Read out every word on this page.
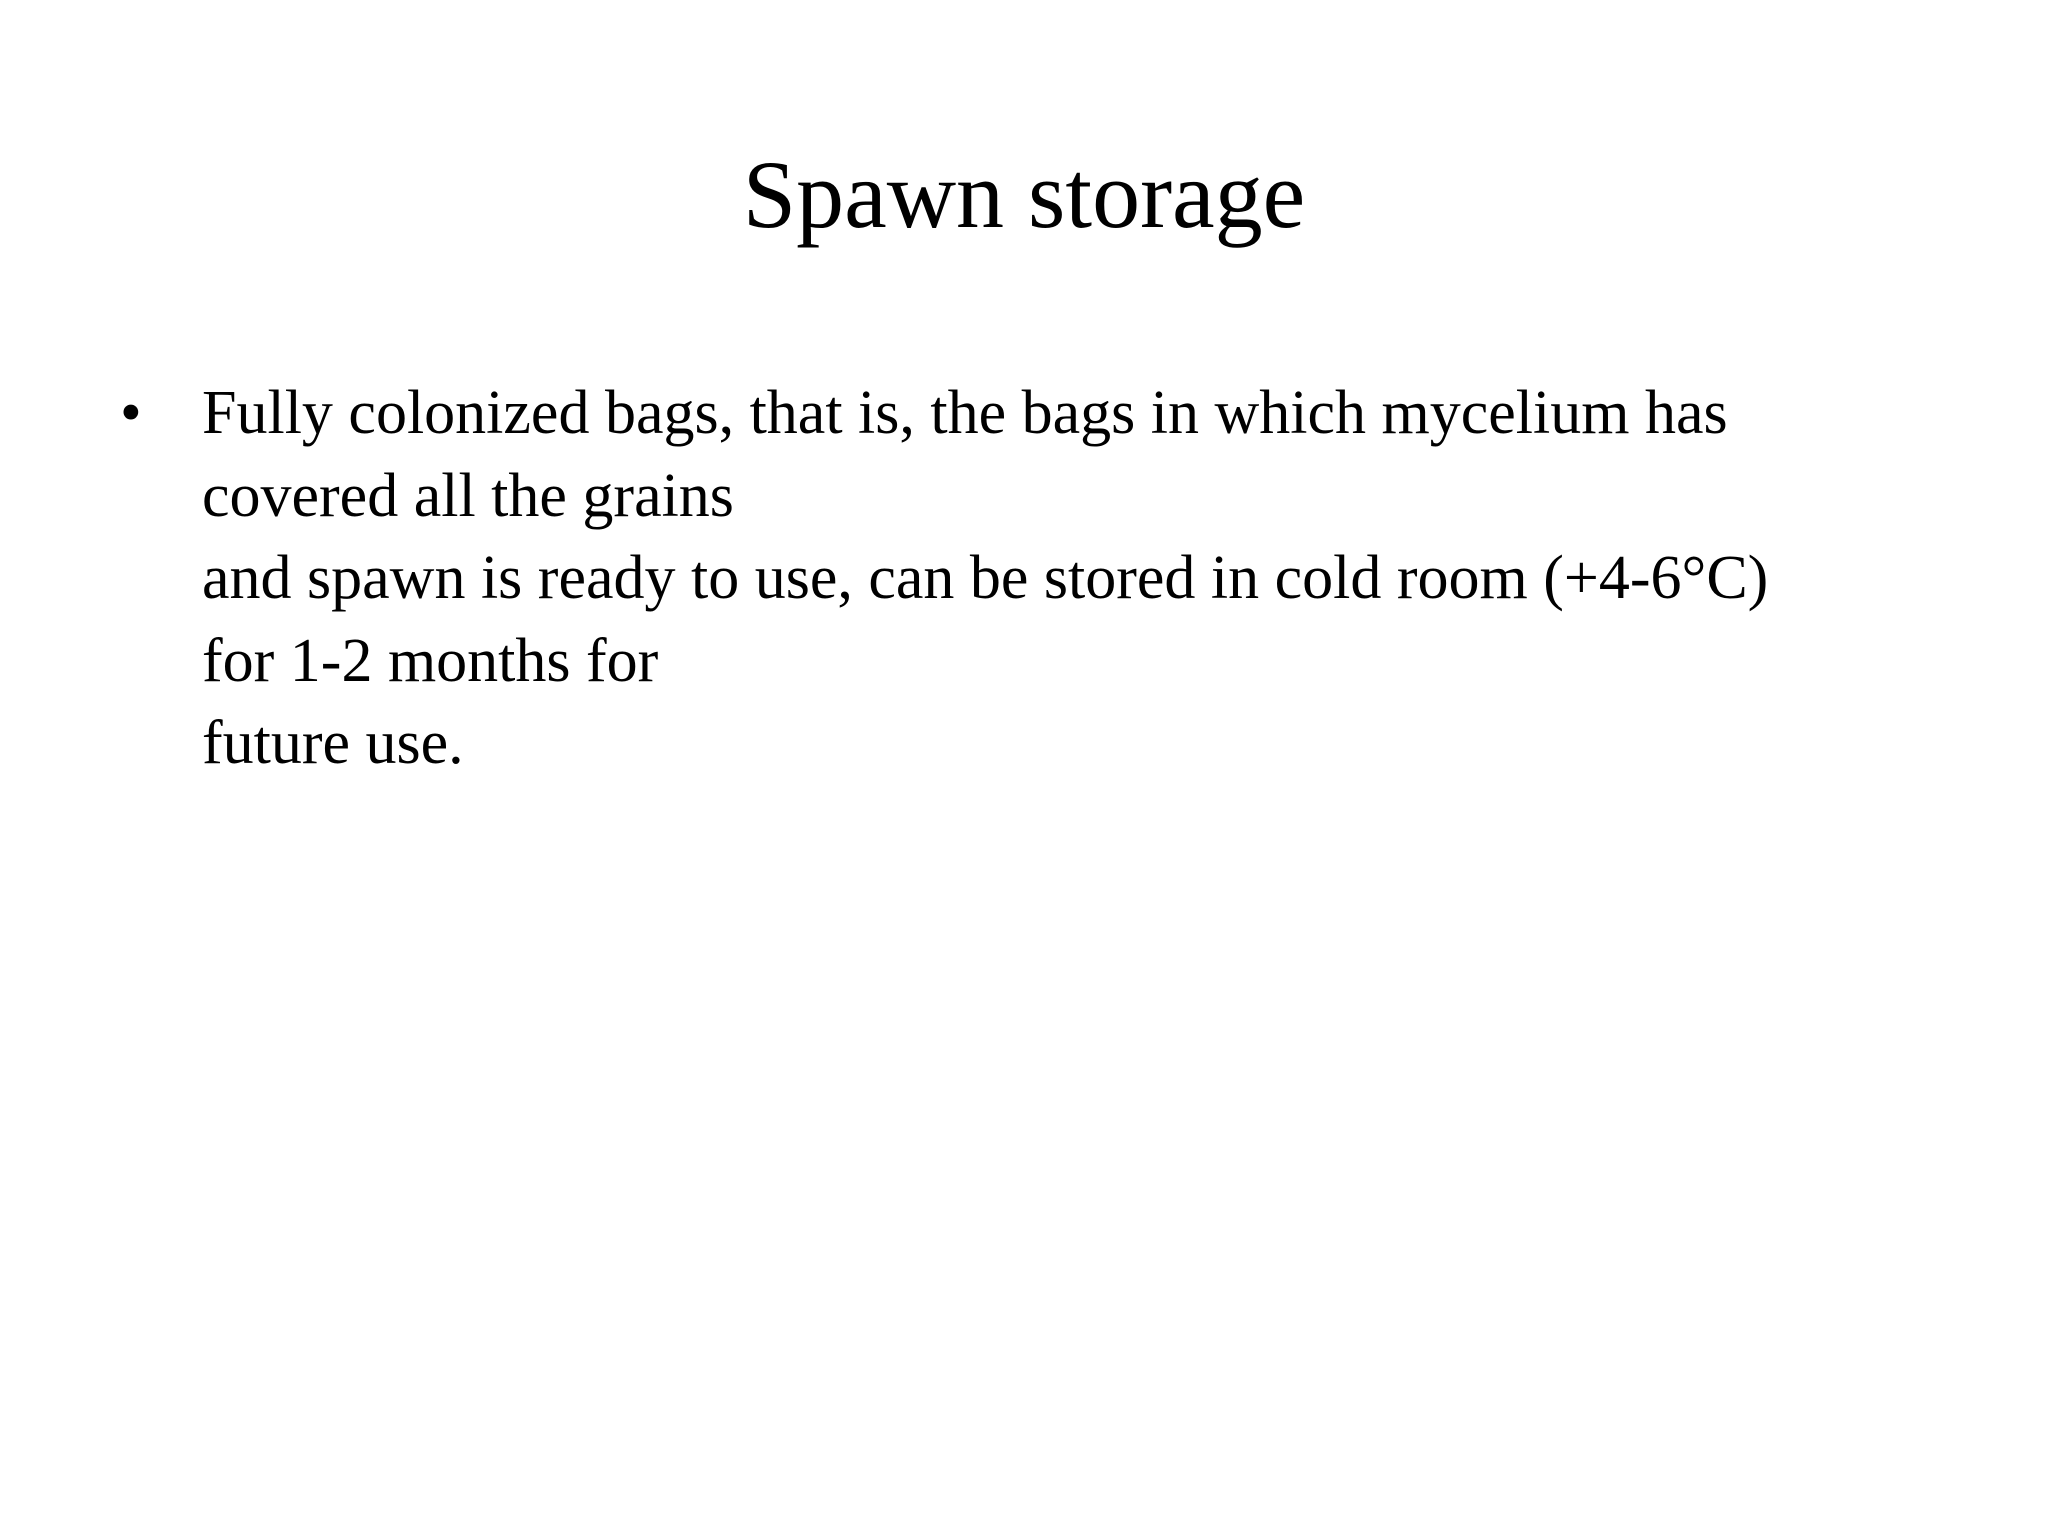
Spawn storage
• Fully colonized bags, that is, the bags in which mycelium has
covered all the grains
and spawn is ready to use, can be stored in cold room (+4-6°C)
for 1-2 months for
future use.
